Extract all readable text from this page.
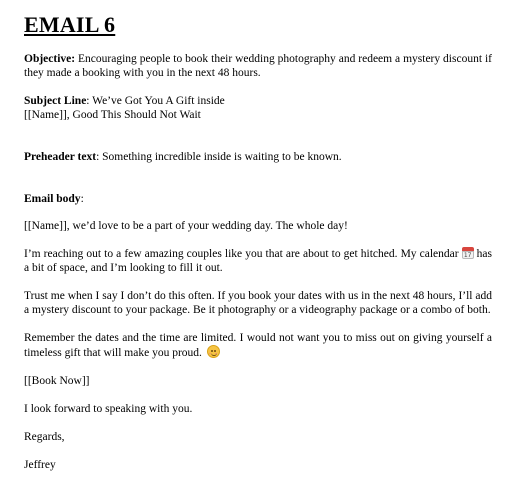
EMAIL 6

Objective: Encouraging people to book their wedding photography and redeem a mystery discount if they made a booking with you in the next 48 hours.

Subject Line: We’ve Got You A Gift inside

[[Name]], Good This Should Not Wait

Preheader text: Something incredible inside is waiting to be known.

Email body:

[[Name]], we’d love to be a part of your wedding day. The whole day!

I’m reaching out to a few amazing couples like you that are about to get hitched. My calendar 17 has a bit of space, and I’m looking to fill it out.

Trust me when I say I don’t do this often. If you book your dates with us in the next 48 hours, I’ll add a mystery discount to your package. Be it photography or a videography package or a combo of both.

Remember the dates and the time are limited. I would not want you to miss out on giving yourself a timeless gift that will make you proud.

[[Book Now]]

I look forward to speaking with you.

Regards,

Jeffrey
